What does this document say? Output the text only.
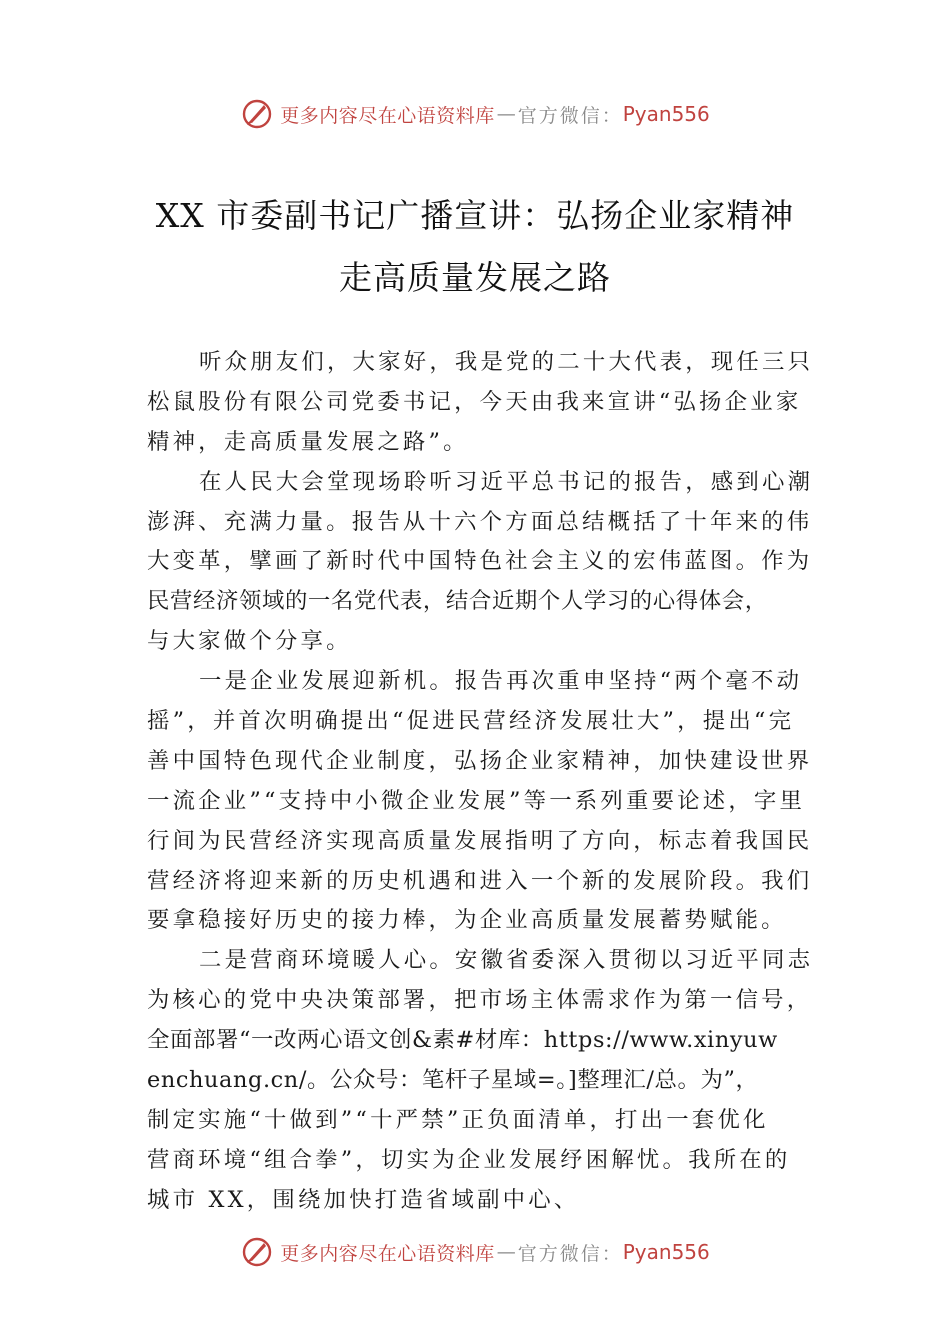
更多内容尽在心语资料库 — 官方微信： Pyan556
XX 市委副书记广播宣讲：弘扬企业家精神
走高质量发展之路
听众朋友们，大家好，我是党的二十大代表，现任三只
松鼠股份有限公司党委书记，今天由我来宣讲“弘扬企业家
精神，走高质量发展之路”。
在人民大会堂现场聆听习近平总书记的报告，感到心潮
澎湃、充满力量。报告从十六个方面总结概括了十年来的伟
大变革，擘画了新时代中国特色社会主义的宏伟蓝图。作为
民营经济领域的一名党代表，结合近期个人学习的心得体会，
与大家做个分享。
一是企业发展迎新机。报告再次重申坚持“两个毫不动
摇”，并首次明确提出“促进民营经济发展壮大”，提出“完
善中国特色现代企业制度，弘扬企业家精神，加快建设世界
一流企业”“支持中小微企业发展”等一系列重要论述，字里
行间为民营经济实现高质量发展指明了方向，标志着我国民
营经济将迎来新的历史机遇和进入一个新的发展阶段。我们
要拿稳接好历史的接力棒，为企业高质量发展蓄势赋能。
二是营商环境暖人心。安徽省委深入贯彻以习近平同志
为核心的党中央决策部署，把市场主体需求作为第一信号，
全面部署“一改两心语文创&素#材库：https://www.xinyuw
enchuang.cn/。公众号：笔杆子星域=。]整理汇/总。为”，
制定实施“十做到”“十严禁”正负面清单，打出一套优化
营商环境“组合拳”，切实为企业发展纾困解忧。我所在的
城市 XX，围绕加快打造省域副中心、
更多内容尽在心语资料库 — 官方微信： Pyan556
